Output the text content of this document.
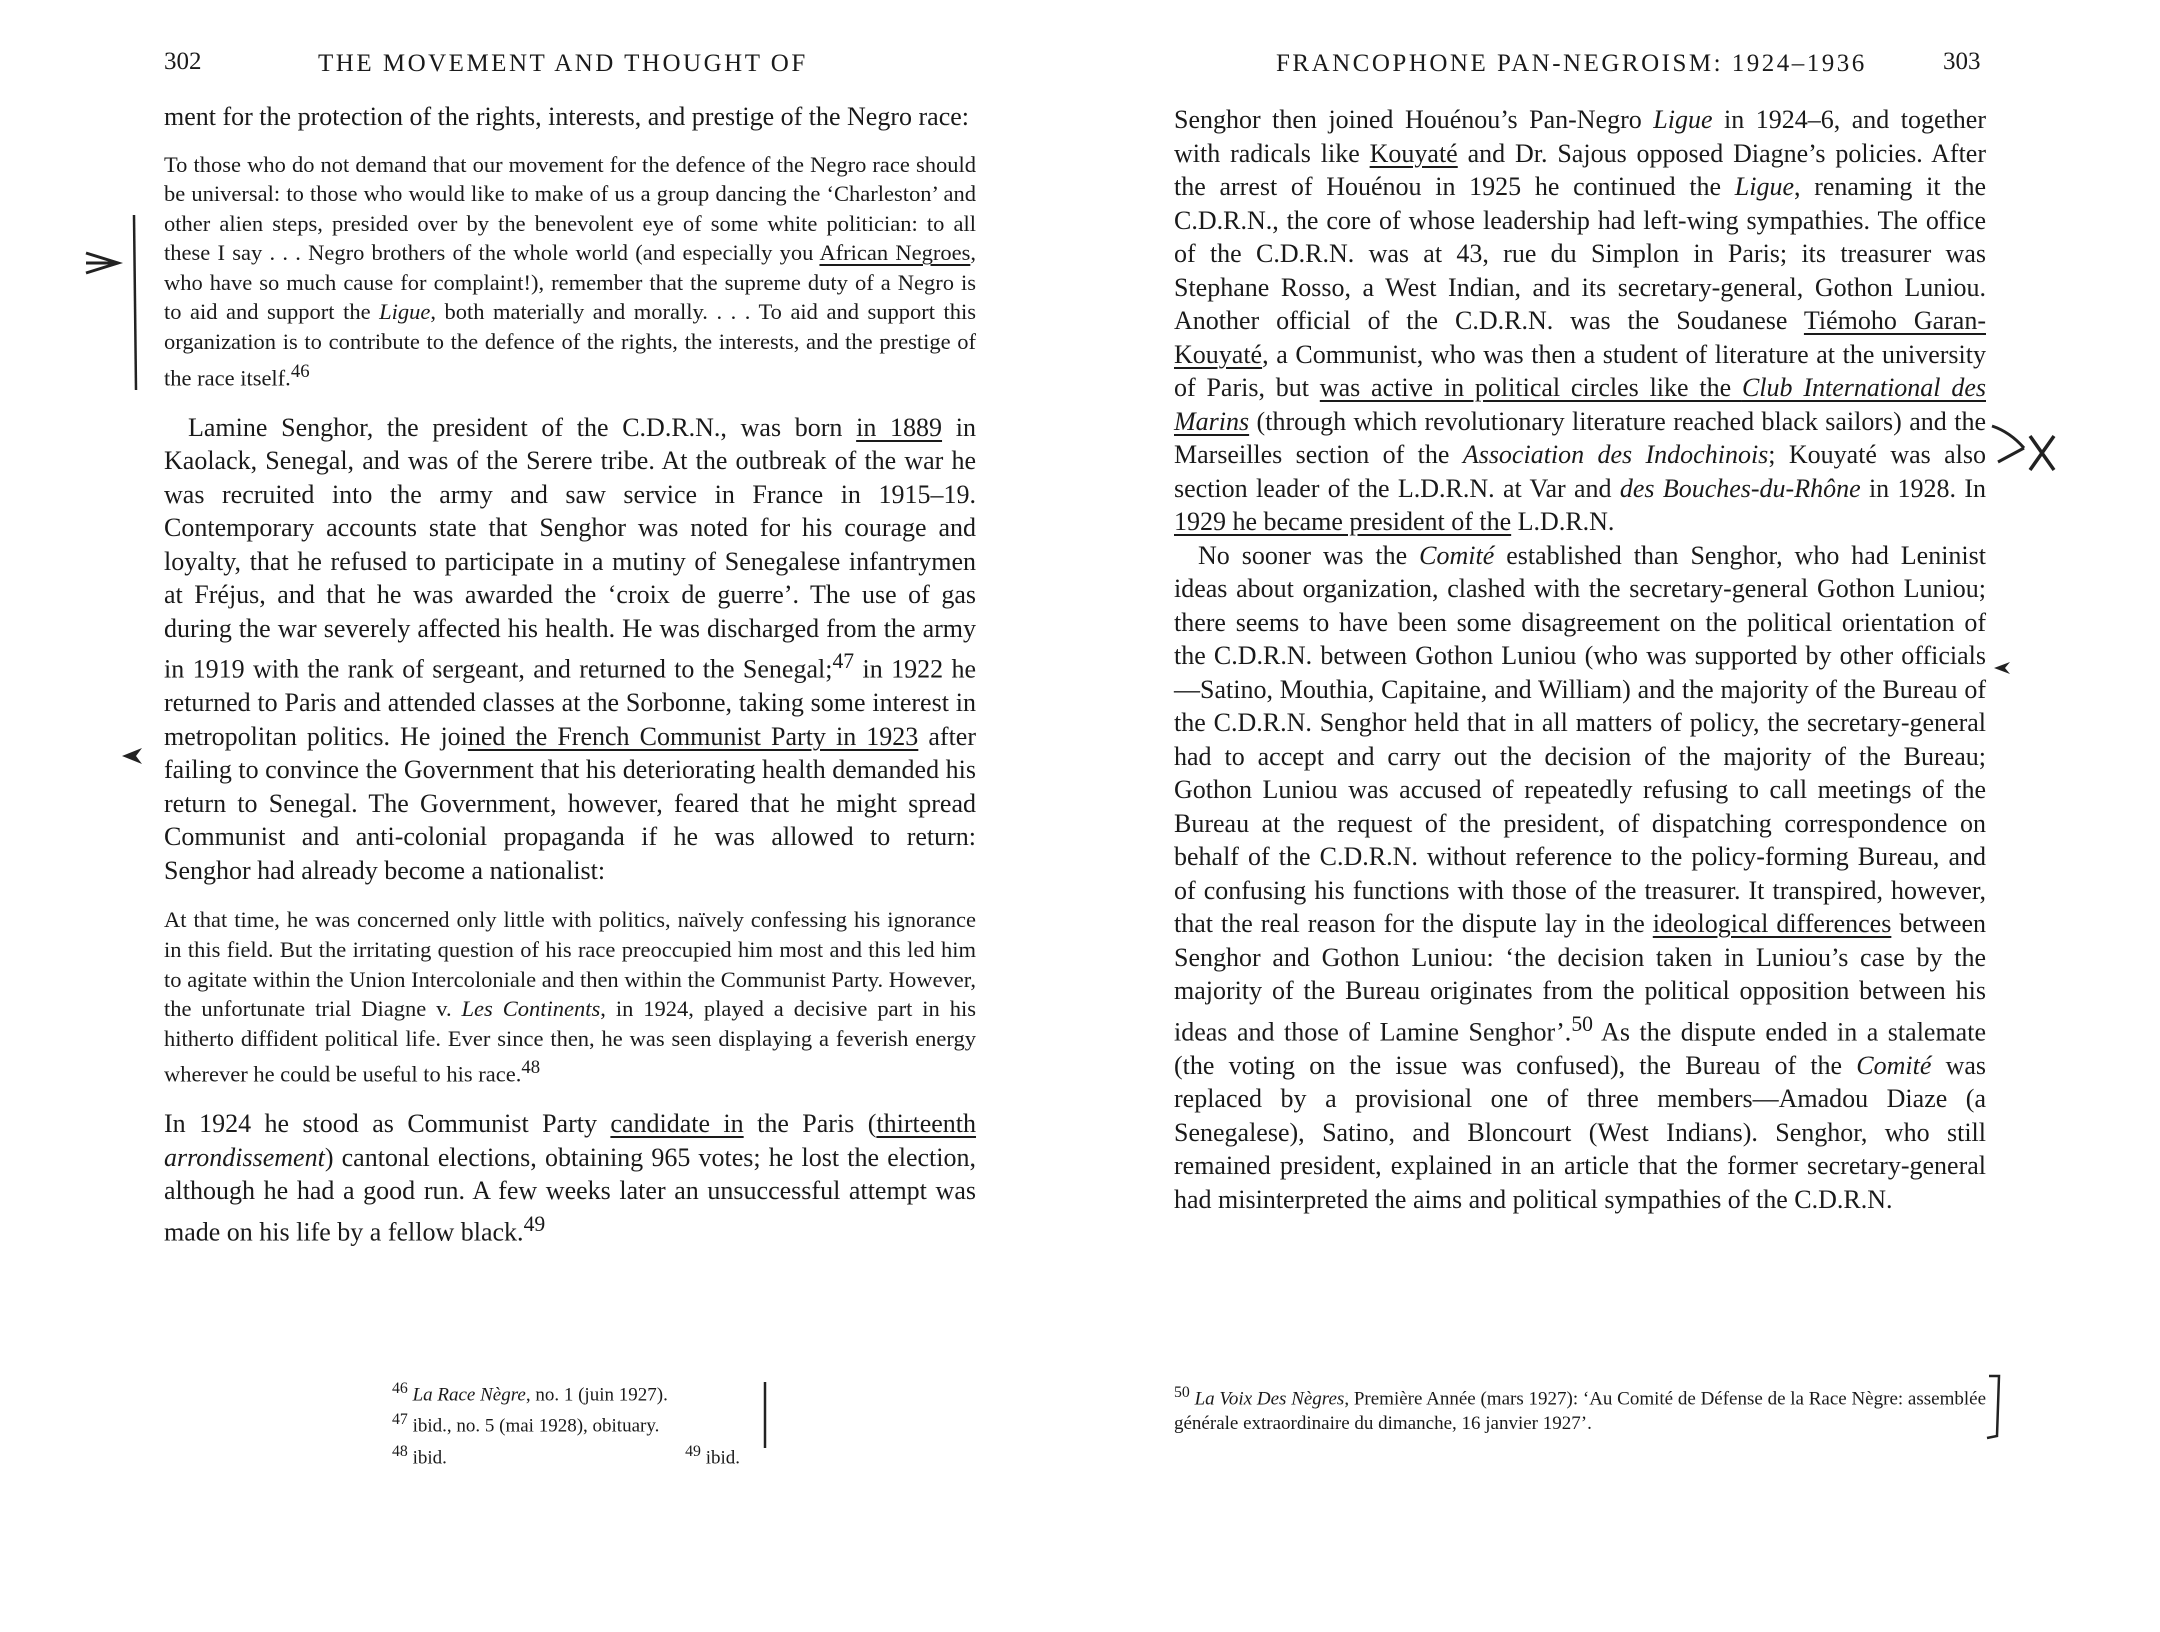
302	THE MOVEMENT AND THOUGHT OF

ment for the protection of the rights, interests, and prestige of the Negro race:

To those who do not demand that our movement for the defence of the Negro race should be universal: to those who would like to make of us a group dancing the ‘Charleston’ and other alien steps, presided over by the benevolent eye of some white politician: to all these I say . . . Negro brothers of the whole world (and especially you African Negroes, who have so much cause for complaint!), remember that the supreme duty of a Negro is to aid and support the Ligue, both materially and morally. . . . To aid and support this organization is to contribute to the defence of the rights, the interests, and the prestige of the race itself.$^{46}$

Lamine Senghor, the president of the C.D.R.N., was born in 1889 in Kaolack, Senegal, and was of the Serere tribe. At the outbreak of the war he was recruited into the army and saw service in France in 1915–19. Contemporary accounts state that Senghor was noted for his courage and loyalty, that he refused to participate in a mutiny of Senegalese infantrymen at Fréjus, and that he was awarded the ‘croix de guerre’. The use of gas during the war severely affected his health. He was discharged from the army in 1919 with the rank of sergeant, and returned to the Senegal;$^{47}$ in 1922 he returned to Paris and attended classes at the Sorbonne, taking some interest in metropolitan politics. He joined the French Communist Party in 1923 after failing to convince the Government that his deteriorating health demanded his return to Senegal. The Government, however, feared that he might spread Communist and anti-colonial propaganda if he was allowed to return: Senghor had already become a nationalist:

At that time, he was concerned only little with politics, naïvely confessing his ignorance in this field. But the irritating question of his race preoccupied him most and this led him to agitate within the Union Intercoloniale and then within the Communist Party. However, the unfortunate trial Diagne v. Les Continents, in 1924, played a decisive part in his hitherto diffident political life. Ever since then, he was seen displaying a feverish energy wherever he could be useful to his race.$^{48}$

In 1924 he stood as Communist Party candidate in the Paris (thirteenth arrondissement) cantonal elections, obtaining 965 votes; he lost the election, although he had a good run. A few weeks later an unsuccessful attempt was made on his life by a fellow black.$^{49}$

$^{46}$ La Race Nègre, no. 1 (juin 1927).

$^{47}$ ibid., no. 5 (mai 1928), obituary.

$^{48}$ ibid.	$^{49}$ ibid.

FRANCOPHONE PAN-NEGROISM: 1924–1936	303

Senghor then joined Houénou’s Pan-Negro Ligue in 1924–6, and together with radicals like Kouyaté and Dr. Sajous opposed Diagne’s policies. After the arrest of Houénou in 1925 he continued the Ligue, renaming it the C.D.R.N., the core of whose leadership had left-wing sympathies. The office of the C.D.R.N. was at 43, rue du Simplon in Paris; its treasurer was Stephane Rosso, a West Indian, and its secretary-general, Gothon Luniou. Another official of the C.D.R.N. was the Soudanese Tiémoho Garan-Kouyaté, a Communist, who was then a student of literature at the university of Paris, but was active in political circles like the Club International des Marins (through which revolutionary literature reached black sailors) and the Marseilles section of the Association des Indochinois; Kouyaté was also section leader of the L.D.R.N. at Var and des Bouches-du-Rhône in 1928. In 1929 he became president of the L.D.R.N.

No sooner was the Comité established than Senghor, who had Leninist ideas about organization, clashed with the secretary-general Gothon Luniou; there seems to have been some disagreement on the political orientation of the C.D.R.N. between Gothon Luniou (who was supported by other officials—Satino, Mouthia, Capitaine, and William) and the majority of the Bureau of the C.D.R.N. Senghor held that in all matters of policy, the secretary-general had to accept and carry out the decision of the majority of the Bureau; Gothon Luniou was accused of repeatedly refusing to call meetings of the Bureau at the request of the president, of dispatching correspondence on behalf of the C.D.R.N. without reference to the policy-forming Bureau, and of confusing his functions with those of the treasurer. It transpired, however, that the real reason for the dispute lay in the ideological differences between Senghor and Gothon Luniou: ‘the decision taken in Luniou’s case by the majority of the Bureau originates from the political opposition between his ideas and those of Lamine Senghor’.$^{50}$ As the dispute ended in a stalemate (the voting on the issue was confused), the Bureau of the Comité was replaced by a provisional one of three members—Amadou Diaze (a Senegalese), Satino, and Bloncourt (West Indians). Senghor, who still remained president, explained in an article that the former secretary-general had misinterpreted the aims and political sympathies of the C.D.R.N.

$^{50}$ La Voix Des Nègres, Première Année (mars 1927): ‘Au Comité de Défense de la Race Nègre: assemblée générale extraordinaire du dimanche, 16 janvier 1927’.
